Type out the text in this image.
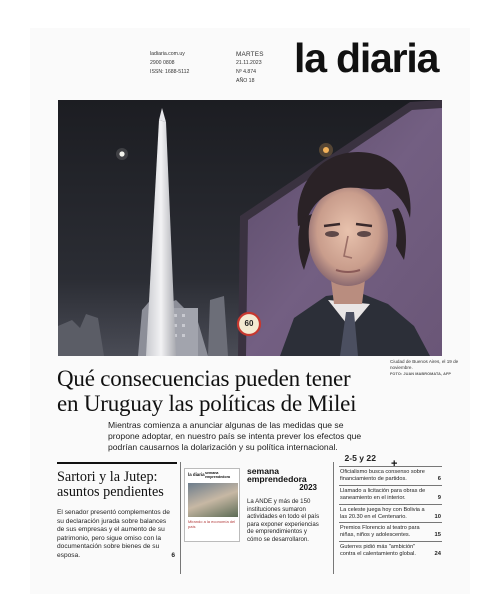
ladiaria.com.uy
2900 0808
ISSN: 1688-5112
MARTES
21.11.2023
Nº 4.874
AÑO 18 la diaria
60
Ciudad de Buenos Aires, el 19 de noviembre.
FOTO: JUAN MABROMATA, AFP
Qué consecuencias pueden tener
en Uruguay las políticas de Milei
Mientras comienza a anunciar algunas de las medidas que se propone adoptar, en nuestro país se intenta prever los efectos que podrían causarnos la dolarización y su política internacional.
2-5 y 22
Sartori y la Jutep: asuntos pendientes
El senador presentó complementos de su declaración jurada sobre balances de sus empresas y el aumento de su patrimonio, pero sigue omiso con la documentación sobre bienes de su esposa.	6
la diaria semana emprendedora
Mirando a la economía del país
semana
emprendedora
2023
La ANDE y más de 150 instituciones sumaron actividades en todo el país para exponer experiencias de emprendimientos y cómo se desarrollaron.
+
Oficialismo busca consenso sobre financiamiento de partidos.	6
Llamado a licitación para obras de saneamiento en el interior.	9
La celeste juega hoy con Bolivia a las 20.30 en el Centenario.	10
Premios Florencio al teatro para niñas, niños y adolescentes.	15
Guterres pidió más "ambición" contra el calentamiento global.	24
